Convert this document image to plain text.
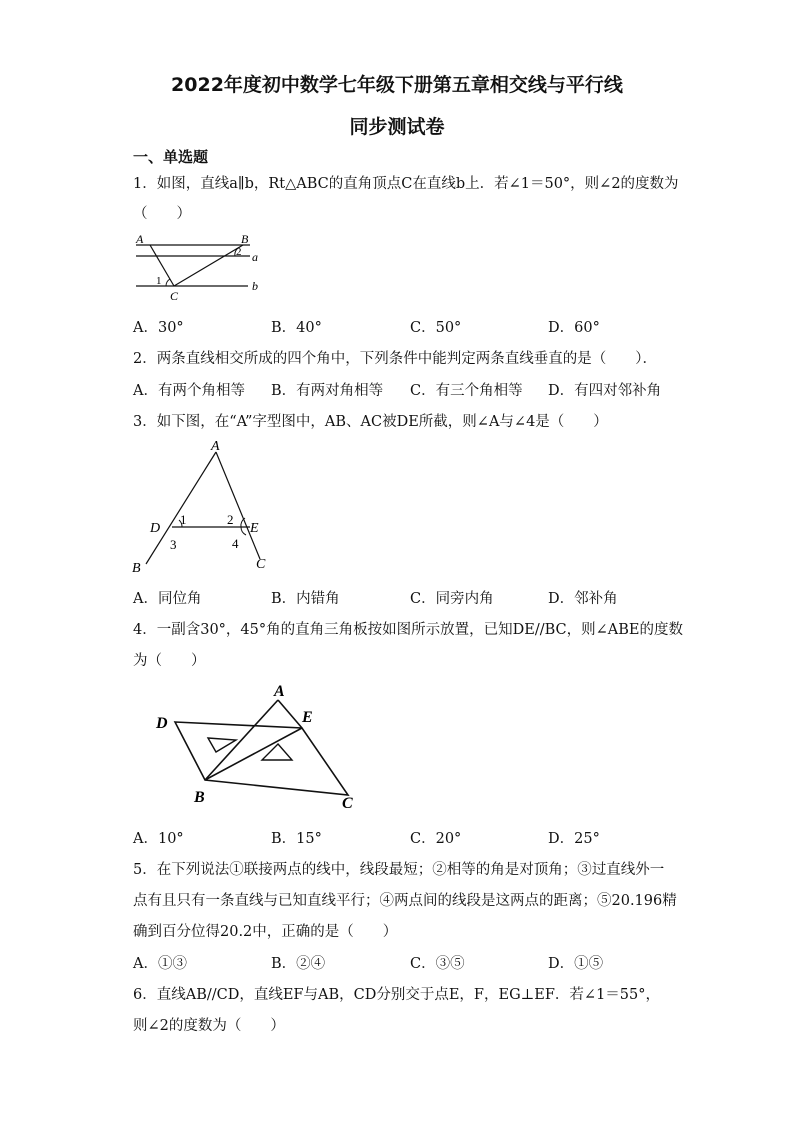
2022年度初中数学七年级下册第五章相交线与平行线
同步测试卷
一、单选题
1．如图，直线a∥b，Rt△ABC的直角顶点C在直线b上．若∠1＝50°，则∠2的度数为
（　　）
A	B
2 a
1
C
b
A．30°	B．40°	C．50°	D．60°
2．两条直线相交所成的四个角中，下列条件中能判定两条直线垂直的是（　　）．
A．有两个角相等 B．有两对角相等 C．有三个角相等 D．有四对邻补角
3．如下图，在“A”字型图中，AB、AC被DE所截，则∠A与∠4是（　　）
A
D
1	2
E
3	4
B	C
A．同位角	B．内错角	C．同旁内角	D．邻补角
4．一副含30°，45°角的直角三角板按如图所示放置，已知DE//BC，则∠ABE的度数
为（　　）
A
D	E
B	C
A．10°	B．15°	C．20°	D．25°
5．在下列说法①联接两点的线中，线段最短；②相等的角是对顶角；③过直线外一
点有且只有一条直线与已知直线平行；④两点间的线段是这两点的距离；⑤20.196精
确到百分位得20.2中，正确的是（　　）
A．①③	B．②④	C．③⑤	D．①⑤
6．直线AB//CD，直线EF与AB，CD分别交于点E，F，EG⊥EF．若∠1＝55°，
则∠2的度数为（　　）
